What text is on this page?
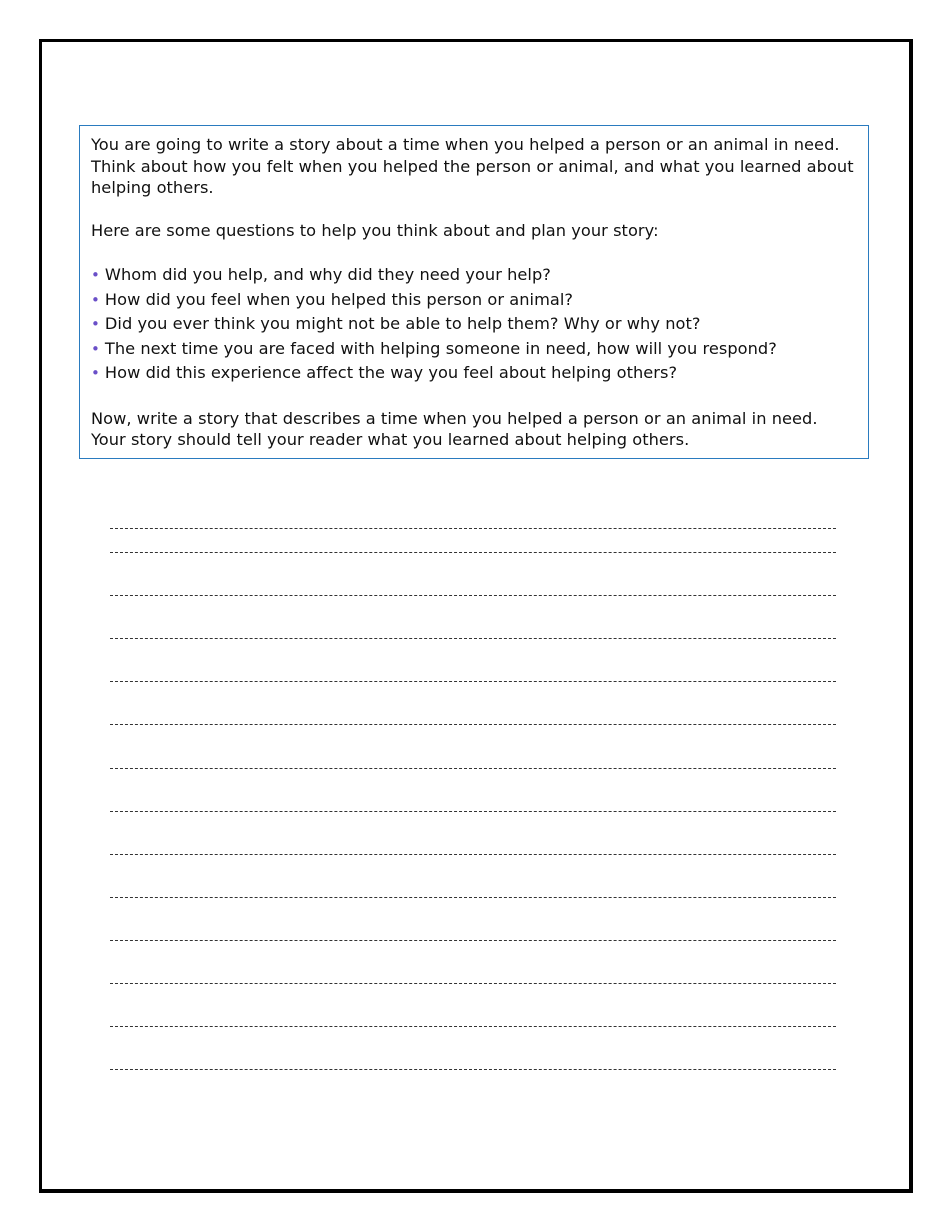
You are going to write a story about a time when you helped a person or an animal in need. Think about how you felt when you helped the person or animal, and what you learned about helping others.

Here are some questions to help you think about and plan your story:

• Whom did you help, and why did they need your help?
• How did you feel when you helped this person or animal?
• Did you ever think you might not be able to help them? Why or why not?
• The next time you are faced with helping someone in need, how will you respond?
• How did this experience affect the way you feel about helping others?

Now, write a story that describes a time when you helped a person or an animal in need. Your story should tell your reader what you learned about helping others.
